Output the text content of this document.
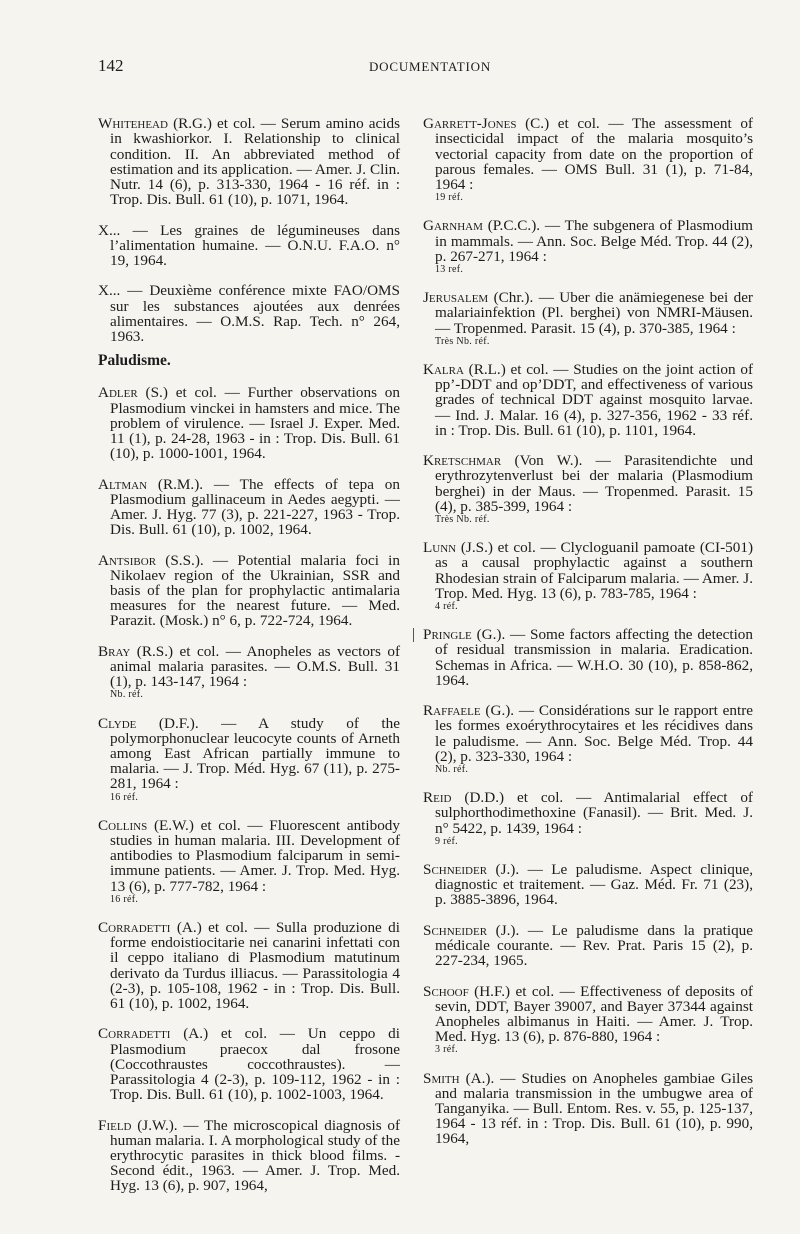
142	DOCUMENTATION

Whitehead (R.G.) et col. — Serum amino acids in kwashiorkor. I. Relationship to clinical condition. II. An abbreviated method of estimation and its application. — Amer. J. Clin. Nutr. 14 (6), p. 313-330, 1964 - 16 réf. in : Trop. Dis. Bull. 61 (10), p. 1071, 1964.

X... — Les graines de légumineuses dans l’alimentation humaine. — O.N.U. F.A.O. n° 19, 1964.

X... — Deuxième conférence mixte FAO/OMS sur les substances ajoutées aux denrées alimentaires. — O.M.S. Rap. Tech. n° 264, 1963.

Paludisme.

Adler (S.) et col. — Further observations on Plasmodium vinckei in hamsters and mice. The problem of virulence. — Israel J. Exper. Med. 11 (1), p. 24-28, 1963 - in : Trop. Dis. Bull. 61 (10), p. 1000-1001, 1964.

Altman (R.M.). — The effects of tepa on Plasmodium gallinaceum in Aedes aegypti. — Amer. J. Hyg. 77 (3), p. 221-227, 1963 - Trop. Dis. Bull. 61 (10), p. 1002, 1964.

Antsibor (S.S.). — Potential malaria foci in Nikolaev region of the Ukrainian, SSR and basis of the plan for prophylactic antimalaria measures for the nearest future. — Med. Parazit. (Mosk.) n° 6, p. 722-724, 1964.

Bray (R.S.) et col. — Anopheles as vectors of animal malaria parasites. — O.M.S. Bull. 31 (1), p. 143-147, 1964 :
Nb. réf.

Clyde (D.F.). — A study of the polymorphonuclear leucocyte counts of Arneth among East African partially immune to malaria. — J. Trop. Méd. Hyg. 67 (11), p. 275-281, 1964 :
16 réf.

Collins (E.W.) et col. — Fluorescent antibody studies in human malaria. III. Development of antibodies to Plasmodium falciparum in semi-immune patients. — Amer. J. Trop. Med. Hyg. 13 (6), p. 777-782, 1964 :
16 réf.

Corradetti (A.) et col. — Sulla produzione di forme endoistiocitarie nei canarini infettati con il ceppo italiano di Plasmodium matutinum derivato da Turdus illiacus. — Parassitologia 4 (2-3), p. 105-108, 1962 - in : Trop. Dis. Bull. 61 (10), p. 1002, 1964.

Corradetti (A.) et col. — Un ceppo di Plasmodium praecox dal frosone (Coccothraustes coccothraustes). — Parassitologia 4 (2-3), p. 109-112, 1962 - in : Trop. Dis. Bull. 61 (10), p. 1002-1003, 1964.

Field (J.W.). — The microscopical diagnosis of human malaria. I. A morphological study of the erythrocytic parasites in thick blood films. - Second édit., 1963. — Amer. J. Trop. Med. Hyg. 13 (6), p. 907, 1964,

Garrett-Jones (C.) et col. — The assessment of insecticidal impact of the malaria mosquito’s vectorial capacity from date on the proportion of parous females. — OMS Bull. 31 (1), p. 71-84, 1964 :
19 réf.

Garnham (P.C.C.). — The subgenera of Plasmodium in mammals. — Ann. Soc. Belge Méd. Trop. 44 (2), p. 267-271, 1964 :
13 ref.

Jerusalem (Chr.). — Uber die anämiegenese bei der malariainfektion (Pl. berghei) von NMRI-Mäusen. — Tropenmed. Parasit. 15 (4), p. 370-385, 1964 :
Très Nb. réf.

Kalra (R.L.) et col. — Studies on the joint action of pp’-DDT and op’DDT, and effectiveness of various grades of technical DDT against mosquito larvae. — Ind. J. Malar. 16 (4), p. 327-356, 1962 - 33 réf. in : Trop. Dis. Bull. 61 (10), p. 1101, 1964.

Kretschmar (Von W.). — Parasitendichte und erythrozytenverlust bei der malaria (Plasmodium berghei) in der Maus. — Tropenmed. Parasit. 15 (4), p. 385-399, 1964 :
Très Nb. réf.

Lunn (J.S.) et col. — Clycloguanil pamoate (CI-501) as a causal prophylactic against a southern Rhodesian strain of Falciparum malaria. — Amer. J. Trop. Med. Hyg. 13 (6), p. 783-785, 1964 :
4 réf.

Pringle (G.). — Some factors affecting the detection of residual transmission in malaria. Eradication. Schemas in Africa. — W.H.O. 30 (10), p. 858-862, 1964.

Raffaele (G.). — Considérations sur le rapport entre les formes exoérythrocytaires et les récidives dans le paludisme. — Ann. Soc. Belge Méd. Trop. 44 (2), p. 323-330, 1964 :
Nb. réf.

Reid (D.D.) et col. — Antimalarial effect of sulphorthodimethoxine (Fanasil). — Brit. Med. J. n° 5422, p. 1439, 1964 :
9 réf.

Schneider (J.). — Le paludisme. Aspect clinique, diagnostic et traitement. — Gaz. Méd. Fr. 71 (23), p. 3885-3896, 1964.

Schneider (J.). — Le paludisme dans la pratique médicale courante. — Rev. Prat. Paris 15 (2), p. 227-234, 1965.

Schoof (H.F.) et col. — Effectiveness of deposits of sevin, DDT, Bayer 39007, and Bayer 37344 against Anopheles albimanus in Haiti. — Amer. J. Trop. Med. Hyg. 13 (6), p. 876-880, 1964 :
3 réf.

Smith (A.). — Studies on Anopheles gambiae Giles and malaria transmission in the umbugwe area of Tanganyika. — Bull. Entom. Res. v. 55, p. 125-137, 1964 - 13 réf. in : Trop. Dis. Bull. 61 (10), p. 990, 1964,
